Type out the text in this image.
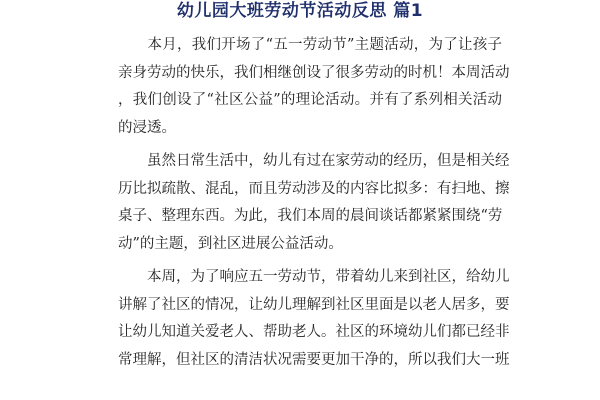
幼儿园大班劳动节活动反思 篇1
　　本月，我们开场了“五一劳动节”主题活动，为了让孩子
亲身劳动的快乐，我们相继创设了很多劳动的时机！本周活动
，我们创设了“社区公益”的理论活动。并有了系列相关活动
的浸透。
　　虽然日常生活中，幼儿有过在家劳动的经历，但是相关经
历比拟疏散、混乱，而且劳动涉及的内容比拟多：有扫地、擦
桌子、整理东西。为此，我们本周的晨间谈话都紧紧围绕“劳
动”的主题，到社区进展公益活动。
　　本周，为了响应五一劳动节，带着幼儿来到社区，给幼儿
讲解了社区的情况，让幼儿理解到社区里面是以老人居多，要
让幼儿知道关爱老人、帮助老人。社区的环境幼儿们都已经非
常理解，但社区的清洁状况需要更加干净的，所以我们大一班
